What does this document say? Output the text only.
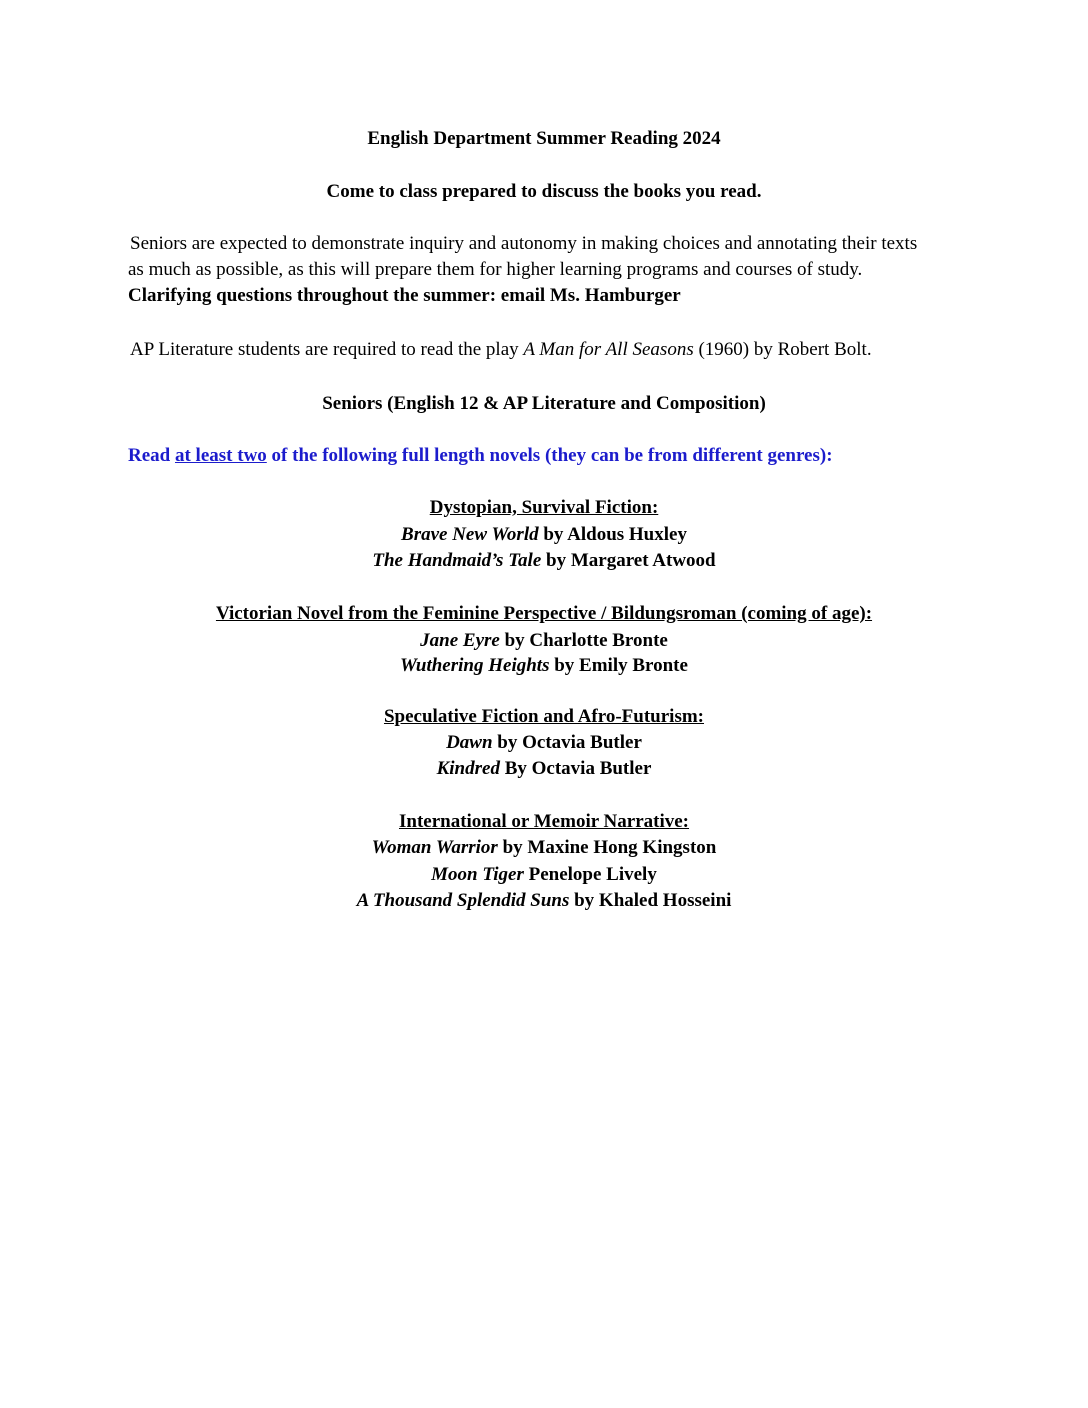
English Department Summer Reading 2024
Come to class prepared to discuss the books you read.
Seniors are expected to demonstrate inquiry and autonomy in making choices and annotating their texts
as much as possible, as this will prepare them for higher learning programs and courses of study.
Clarifying questions throughout the summer: email Ms. Hamburger
AP Literature students are required to read the play A Man for All Seasons (1960) by Robert Bolt.
Seniors (English 12 & AP Literature and Composition)
Read at least two of the following full length novels (they can be from different genres):
Dystopian, Survival Fiction:
Brave New World by Aldous Huxley
The Handmaid’s Tale by Margaret Atwood
Victorian Novel from the Feminine Perspective / Bildungsroman (coming of age):
Jane Eyre by Charlotte Bronte
Wuthering Heights by Emily Bronte
Speculative Fiction and Afro-Futurism:
Dawn by Octavia Butler
Kindred By Octavia Butler
International or Memoir Narrative:
Woman Warrior by Maxine Hong Kingston
Moon Tiger Penelope Lively
A Thousand Splendid Suns by Khaled Hosseini
